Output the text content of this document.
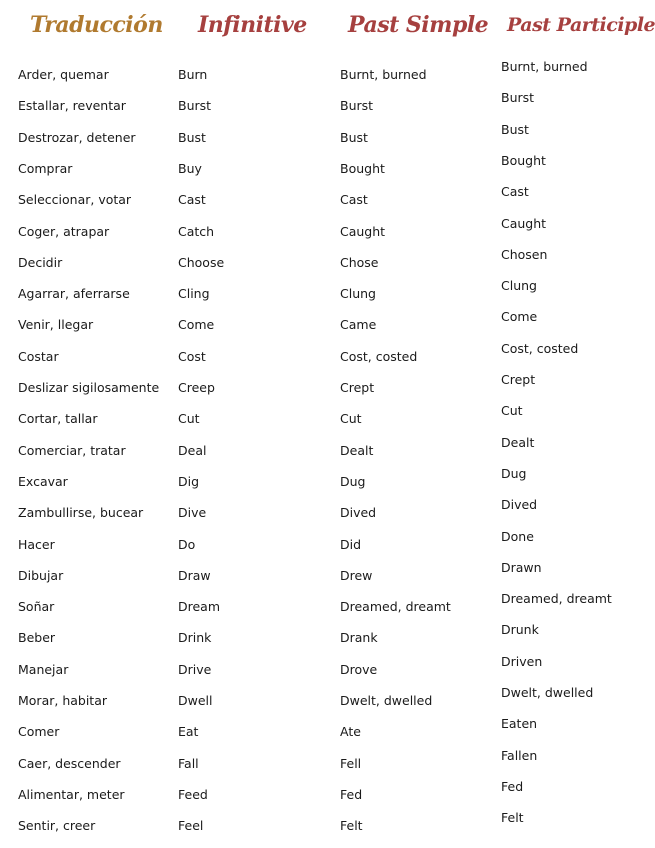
Traducción Infinitive Past Simple Past Participle
Arder, quemar
Estallar, reventar
Destrozar, detener
Comprar
Seleccionar, votar
Coger, atrapar
Decidir
Agarrar, aferrarse
Venir, llegar
Costar
Deslizar sigilosamente
Cortar, tallar
Comerciar, tratar
Excavar
Zambullirse, bucear
Hacer
Dibujar
Soñar
Beber
Manejar
Morar, habitar
Comer
Caer, descender
Alimentar, meter
Sentir, creer
Burn
Burst
Bust
Buy
Cast
Catch
Choose
Cling
Come
Cost
Creep
Cut
Deal
Dig
Dive
Do
Draw
Dream
Drink
Drive
Dwell
Eat
Fall
Feed
Feel
Burnt, burned
Burst
Bust
Bought
Cast
Caught
Chose
Clung
Came
Cost, costed
Crept
Cut
Dealt
Dug
Dived
Did
Drew
Dreamed, dreamt
Drank
Drove
Dwelt, dwelled
Ate
Fell
Fed
Felt
Burnt, burned
Burst
Bust
Bought
Cast
Caught
Chosen
Clung
Come
Cost, costed
Crept
Cut
Dealt
Dug
Dived
Done
Drawn
Dreamed, dreamt
Drunk
Driven
Dwelt, dwelled
Eaten
Fallen
Fed
Felt
